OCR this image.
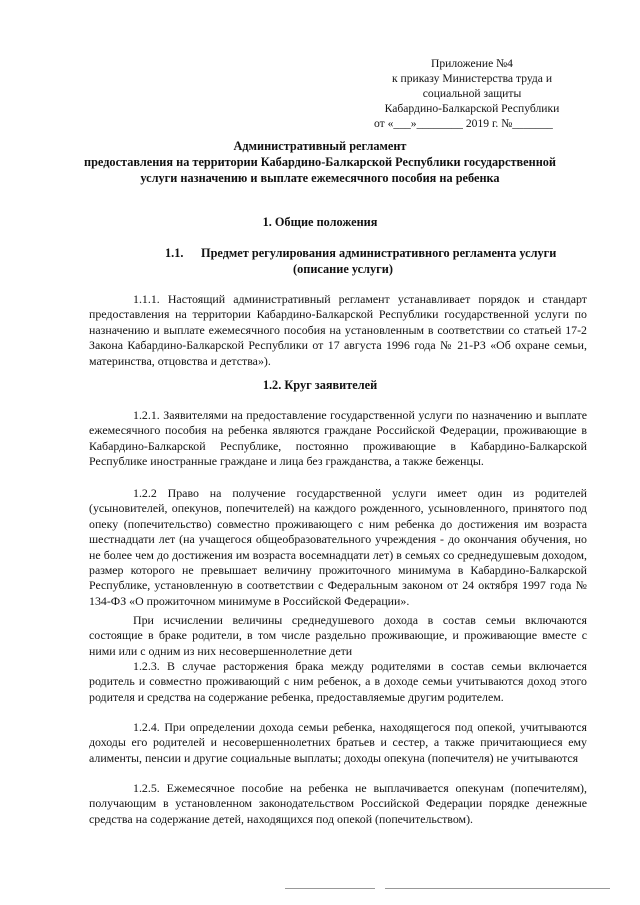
Приложение №4
к приказу Министерства труда и
социальной защиты
Кабардино-Балкарской Республики
от «___»________ 2019 г. №_______
Административный регламент
предоставления на территории Кабардино-Балкарской Республики государственной
услуги назначению и выплате ежемесячного пособия на ребенка
1. Общие положения
1.1. Предмет регулирования административного регламента услуги
(описание услуги)

1.1.1. Настоящий административный регламент устанавливает порядок и стандарт предоставления на территории Кабардино-Балкарской Республики государственной услуги по назначению и выплате ежемесячного пособия на установленным в соответствии со статьей 17-2 Закона Кабардино-Балкарской Республики от 17 августа 1996 года № 21-РЗ «Об охране семьи, материнства, отцовства и детства»).

1.2. Круг заявителей

1.2.1. Заявителями на предоставление государственной услуги по назначению и выплате ежемесячного пособия на ребенка являются граждане Российской Федерации, проживающие в Кабардино-Балкарской Республике, постоянно проживающие в Кабардино-Балкарской Республике иностранные граждане и лица без гражданства, а также беженцы.

1.2.2 Право на получение государственной услуги имеет один из родителей (усыновителей, опекунов, попечителей) на каждого рожденного, усыновленного, принятого под опеку (попечительство) совместно проживающего с ним ребенка до достижения им возраста шестнадцати лет (на учащегося общеобразовательного учреждения - до окончания обучения, но не более чем до достижения им возраста восемнадцати лет) в семьях со среднедушевым доходом, размер которого не превышает величину прожиточного минимума в Кабардино-Балкарской Республике, установленную в соответствии с Федеральным законом от 24 октября 1997 года № 134-ФЗ «О прожиточном минимуме в Российской Федерации».

При исчислении величины среднедушевого дохода в состав семьи включаются состоящие в браке родители, в том числе раздельно проживающие, и проживающие вместе с ними или с одним из них несовершеннолетние дети

1.2.3. В случае расторжения брака между родителями в состав семьи включается родитель и совместно проживающий с ним ребенок, а в доходе семьи учитываются доход этого родителя и средства на содержание ребенка, предоставляемые другим родителем.

1.2.4. При определении дохода семьи ребенка, находящегося под опекой, учитываются доходы его родителей и несовершеннолетних братьев и сестер, а также причитающиеся ему алименты, пенсии и другие социальные выплаты; доходы опекуна (попечителя) не учитываются

1.2.5. Ежемесячное пособие на ребенка не выплачивается опекунам (попечителям), получающим в установленном законодательством Российской Федерации порядке денежные средства на содержание детей, находящихся под опекой (попечительством).
